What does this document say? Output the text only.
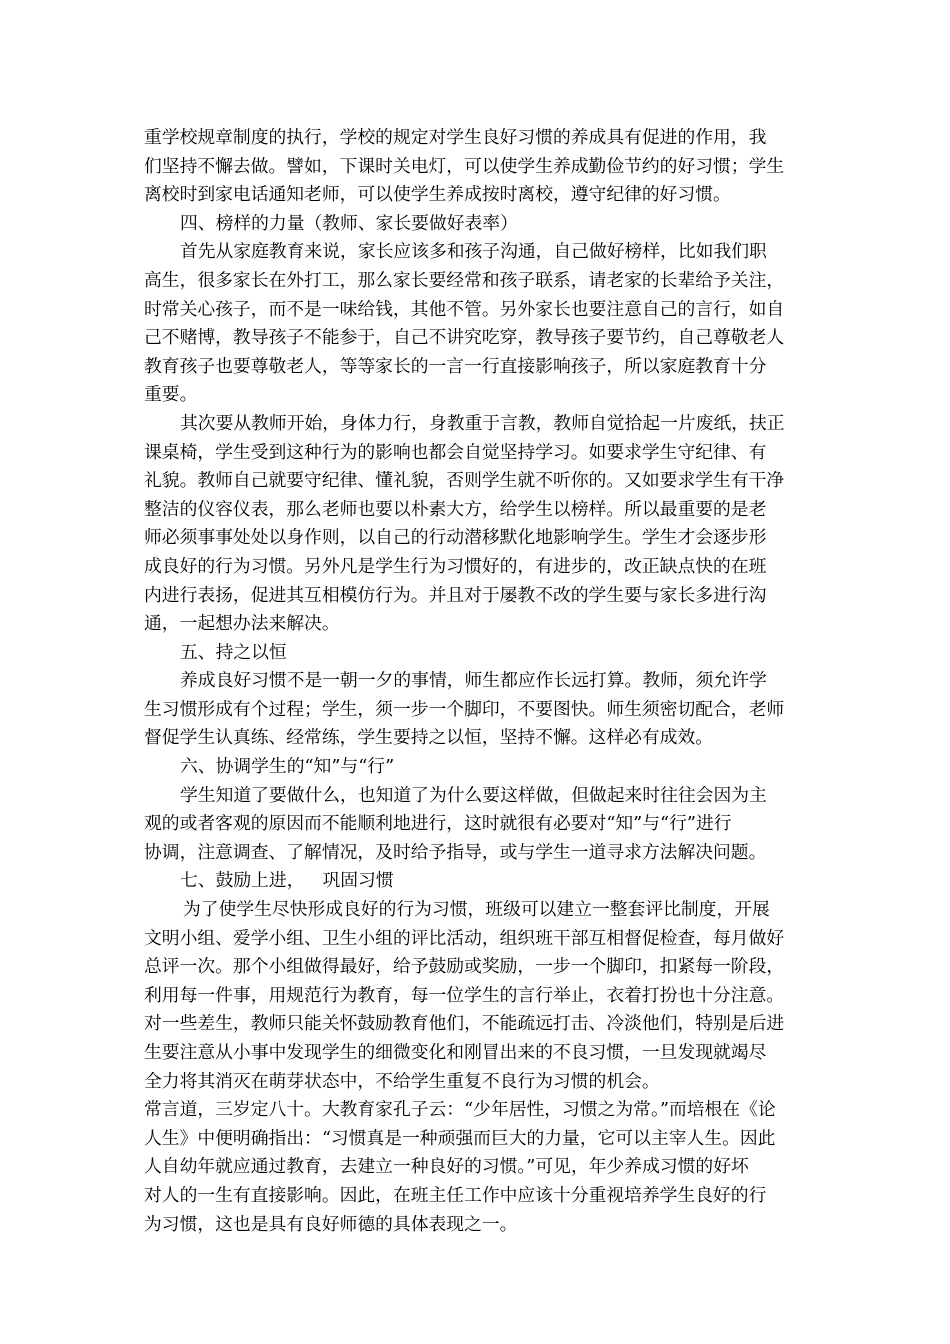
重学校规章制度的执行，学校的规定对学生良好习惯的养成具有促进的作用，我
们坚持不懈去做。譬如，下课时关电灯，可以使学生养成勤俭节约的好习惯；学生
离校时到家电话通知老师，可以使学生养成按时离校，遵守纪律的好习惯。
四、榜样的力量（教师、家长要做好表率）
首先从家庭教育来说，家长应该多和孩子沟通，自己做好榜样，比如我们职
高生，很多家长在外打工，那么家长要经常和孩子联系，请老家的长辈给予关注，
时常关心孩子，而不是一味给钱，其他不管。另外家长也要注意自己的言行，如自
己不赌博，教导孩子不能参于，自己不讲究吃穿，教导孩子要节约，自己尊敬老人
教育孩子也要尊敬老人，等等家长的一言一行直接影响孩子，所以家庭教育十分
重要。
其次要从教师开始，身体力行，身教重于言教，教师自觉拾起一片废纸，扶正
课桌椅，学生受到这种行为的影响也都会自觉坚持学习。如要求学生守纪律、有
礼貌。教师自己就要守纪律、懂礼貌，否则学生就不听你的。又如要求学生有干净
整洁的仪容仪表，那么老师也要以朴素大方，给学生以榜样。所以最重要的是老
师必须事事处处以身作则，以自己的行动潜移默化地影响学生。学生才会逐步形
成良好的行为习惯。另外凡是学生行为习惯好的，有进步的，改正缺点快的在班
内进行表扬，促进其互相模仿行为。并且对于屡教不改的学生要与家长多进行沟
通，一起想办法来解决。
五、持之以恒
养成良好习惯不是一朝一夕的事情，师生都应作长远打算。教师，须允许学
生习惯形成有个过程；学生，须一步一个脚印，不要图快。师生须密切配合，老师
督促学生认真练、经常练，学生要持之以恒，坚持不懈。这样必有成效。
六、协调学生的“知”与“行”
学生知道了要做什么，也知道了为什么要这样做，但做起来时往往会因为主
观的或者客观的原因而不能顺利地进行，这时就很有必要对“知”与“行”进行
协调，注意调查、了解情况，及时给予指导，或与学生一道寻求方法解决问题。
七、鼓励上进， 巩固习惯
为了使学生尽快形成良好的行为习惯，班级可以建立一整套评比制度，开展
文明小组、爱学小组、卫生小组的评比活动，组织班干部互相督促检查，每月做好
总评一次。那个小组做得最好，给予鼓励或奖励，一步一个脚印，扣紧每一阶段，
利用每一件事，用规范行为教育，每一位学生的言行举止，衣着打扮也十分注意。
对一些差生，教师只能关怀鼓励教育他们，不能疏远打击、冷淡他们，特别是后进
生要注意从小事中发现学生的细微变化和刚冒出来的不良习惯，一旦发现就竭尽
全力将其消灭在萌芽状态中，不给学生重复不良行为习惯的机会。
常言道，三岁定八十。大教育家孔子云：“少年居性，习惯之为常。”而培根在《论
人生》中便明确指出：“习惯真是一种顽强而巨大的力量，它可以主宰人生。因此
人自幼年就应通过教育，去建立一种良好的习惯。”可见，年少养成习惯的好坏
对人的一生有直接影响。因此，在班主任工作中应该十分重视培养学生良好的行
为习惯，这也是具有良好师德的具体表现之一。
